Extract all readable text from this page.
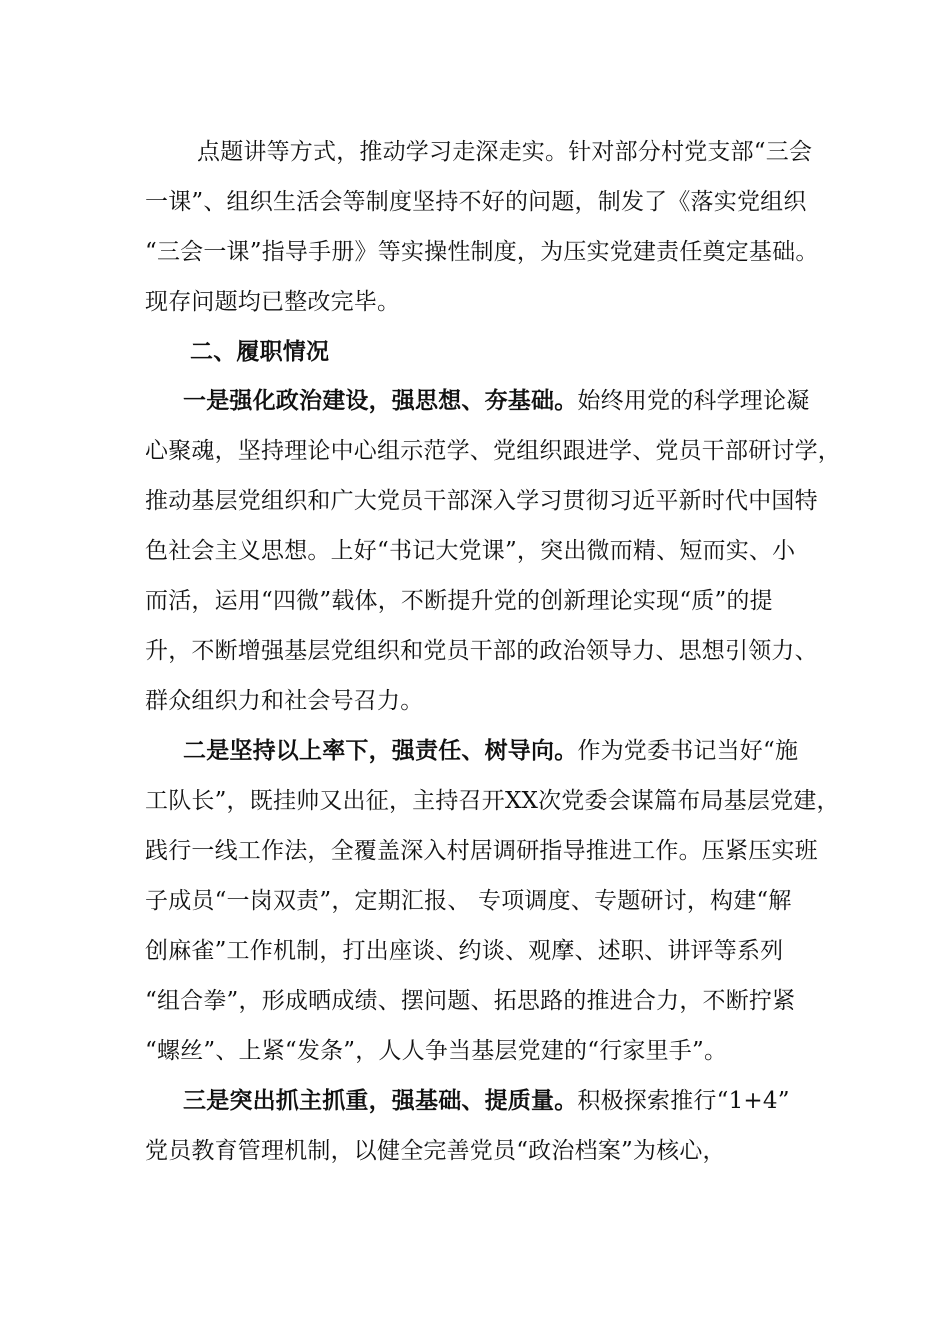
点题讲等方式，推动学习走深走实。针对部分村党支部“三会
一课”、组织生活会等制度坚持不好的问题，制发了《落实党组织
“三会一课”指导手册》等实操性制度，为压实党建责任奠定基础。
现存问题均已整改完毕。
二、履职情况
一是强化政治建设，强思想、夯基础。始终用党的科学理论凝
心聚魂，坚持理论中心组示范学、党组织跟进学、党员干部研讨学，
推动基层党组织和广大党员干部深入学习贯彻习近平新时代中国特
色社会主义思想。上好“书记大党课”，突出微而精、短而实、小
而活，运用“四微”载体，不断提升党的创新理论实现“质”的提
升，不断增强基层党组织和党员干部的政治领导力、思想引领力、
群众组织力和社会号召力。
二是坚持以上率下，强责任、树导向。作为党委书记当好“施
工队长”，既挂帅又出征，主持召开XX次党委会谋篇布局基层党建，
践行一线工作法，全覆盖深入村居调研指导推进工作。压紧压实班
子成员“一岗双责”，定期汇报、 专项调度、专题研讨，构建“解
创麻雀”工作机制，打出座谈、约谈、观摩、述职、讲评等系列
“组合拳”，形成晒成绩、摆问题、拓思路的推进合力，不断拧紧
“螺丝”、上紧“发条”，人人争当基层党建的“行家里手”。
三是突出抓主抓重，强基础、提质量。积极探索推行“1+4”
党员教育管理机制，以健全完善党员“政治档案”为核心，
